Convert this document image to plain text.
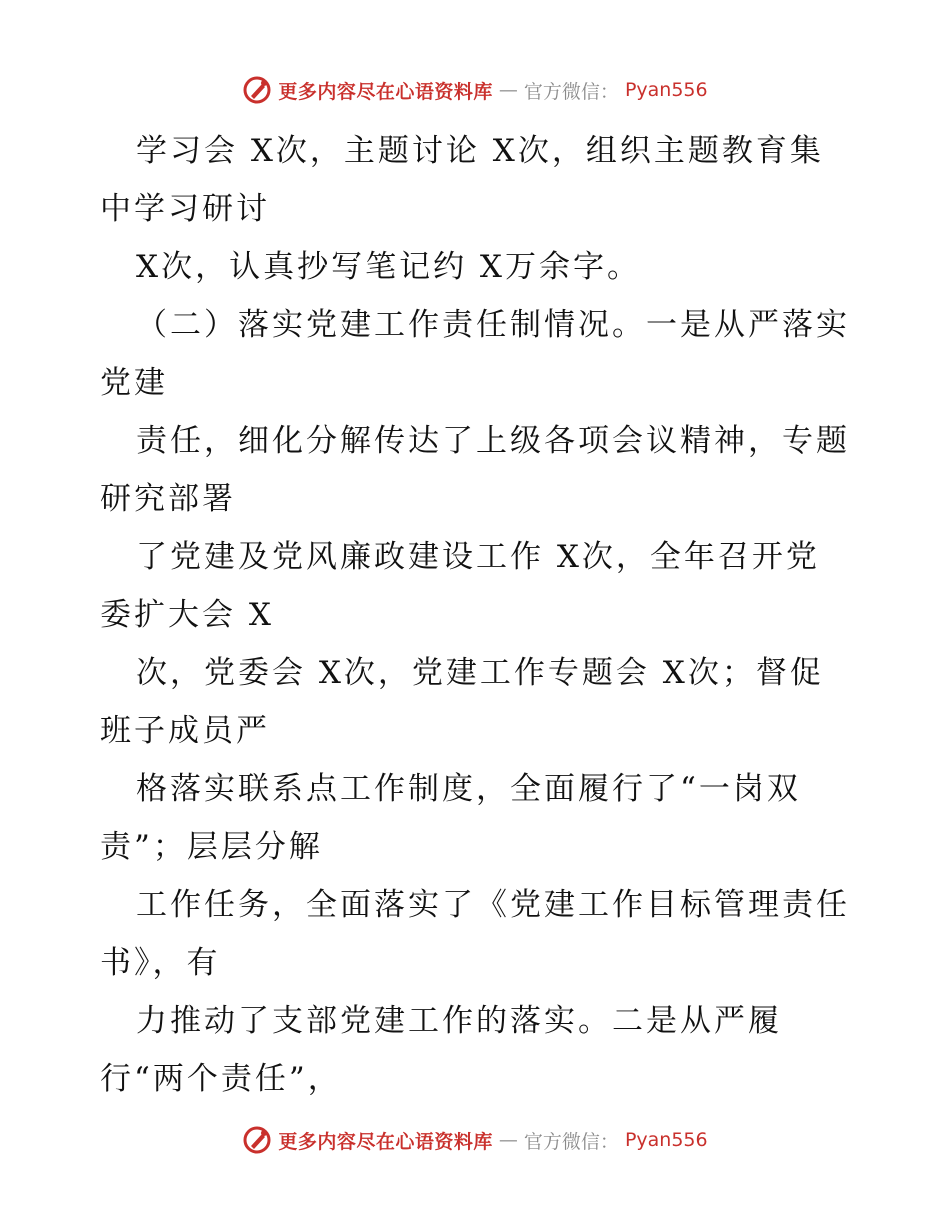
更多内容尽在心语资料库 — 官方微信： Pyan556
学习会 X次，主题讨论 X次，组织主题教育集
中学习研讨
X次，认真抄写笔记约 X万余字。
（二）落实党建工作责任制情况。一是从严落实
党建
责任，细化分解传达了上级各项会议精神，专题
研究部署
了党建及党风廉政建设工作 X次，全年召开党
委扩大会 X
次，党委会 X次，党建工作专题会 X次；督促
班子成员严
格落实联系点工作制度，全面履行了“一岗双
责”；层层分解
工作任务，全面落实了《党建工作目标管理责任
书》，有
力推动了支部党建工作的落实。二是从严履
行“两个责任”，
更多内容尽在心语资料库 — 官方微信： Pyan556
